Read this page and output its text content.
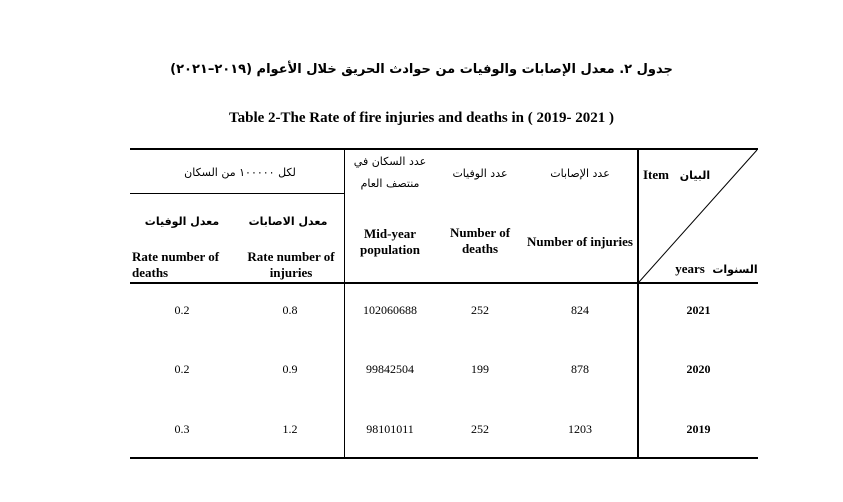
جدول ٢. معدل الإصابات والوفيات من حوادث الحريق خلال الأعوام (٢٠١٩–٢٠٢١)
Table 2-The Rate of fire injuries and deaths in ( 2019- 2021 )
Item البيان
years السنوات
عدد الإصابات
Number of injuries
عدد الوفيات
Number of
deaths
عدد السكان في
منتصف العام
Mid-year
population
لكل ١٠٠٠٠٠ من السكان
معدل الاصابات
Rate number of
injuries
معدل الوفيات
Rate number of
deaths
2021
824
252
102060688
0.8
0.2
2020
878
199
99842504
0.9
0.2
2019
1203
252
98101011
1.2
0.3
